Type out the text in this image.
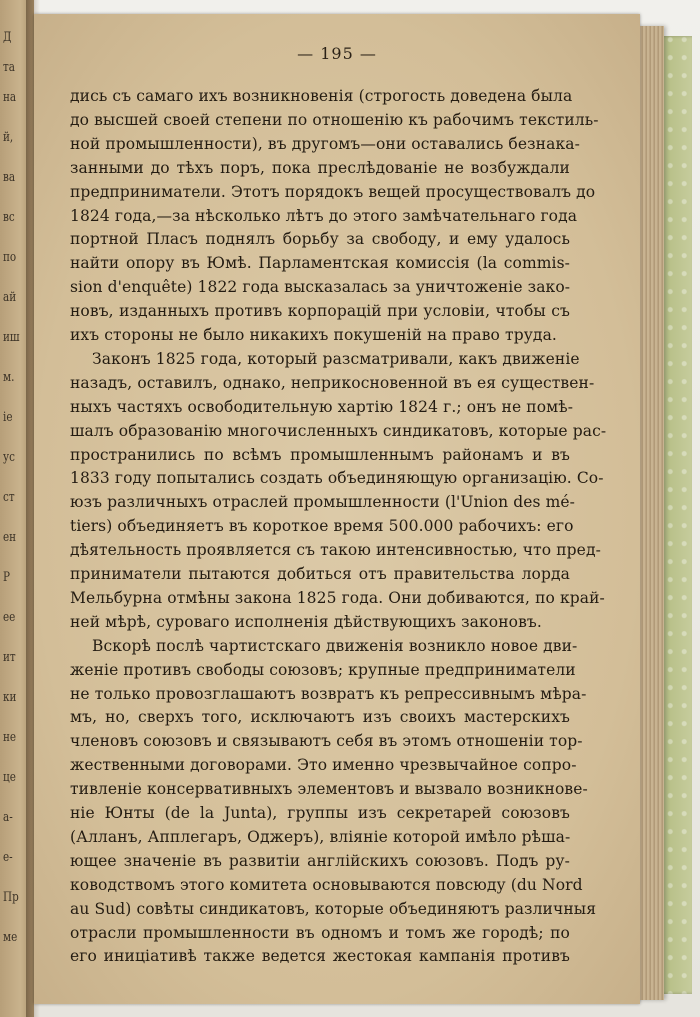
Д
та
на
й,
ва
вс
по
ай
иш
м.
ie
ус
ст
ен
Р
ee
ит
ки
не
це
а-
е-
Пр
ме
— 195 —

дись съ самаго ихъ возникновенія (строгость доведена была

до высшей своей степени по отношенію къ рабочимъ текстиль-

ной промышленности), въ другомъ—они оставались безнака-

занными до тѣхъ поръ, пока преслѣдованіе не возбуждали

предприниматели. Этотъ порядокъ вещей просуществовалъ до

1824 года,—за нѣсколько лѣтъ до этого замѣчательнаго года

портной Пласъ поднялъ борьбу за свободу, и ему удалось

найти опору въ Юмѣ. Парламентская комиссія (la commis-

sion d'enquête) 1822 года высказалась за уничтоженіе зако-

новъ, изданныхъ противъ корпорацій при условіи, чтобы съ

ихъ стороны не было никакихъ покушеній на право труда.

Законъ 1825 года, который разсматривали, какъ движеніе

назадъ, оставилъ, однако, неприкосновенной въ ея существен-

ныхъ частяхъ освободительную хартію 1824 г.; онъ не помѣ-

шалъ образованію многочисленныхъ синдикатовъ, которые рас-

пространились по всѣмъ промышленнымъ районамъ и въ

1833 году попытались создать объединяющую организацію. Со-

юзъ различныхъ отраслей промышленности (l'Union des mé-

tiers) объединяетъ въ короткое время 500.000 рабочихъ: его

дѣятельность проявляется съ такою интенсивностью, что пред-

приниматели пытаются добиться отъ правительства лорда

Мельбурна отмѣны закона 1825 года. Они добиваются, по край-

ней мѣрѣ, суроваго исполненія дѣйствующихъ законовъ.

Вскорѣ послѣ чартистскаго движенія возникло новое дви-

женіе противъ свободы союзовъ; крупные предприниматели

не только провозглашаютъ возвратъ къ репрессивнымъ мѣра-

мъ, но, сверхъ того, исключаютъ изъ своихъ мастерскихъ

членовъ союзовъ и связываютъ себя въ этомъ отношеніи тор-

жественными договорами. Это именно чрезвычайное сопро-

тивленіе консервативныхъ элементовъ и вызвало возникнове-

ніе Юнты (de la Junta), группы изъ секретарей союзовъ

(Алланъ, Апплегаръ, Оджеръ), вліяніе которой имѣло рѣша-

ющее значеніе въ развитіи англійскихъ союзовъ. Подъ ру-

ководствомъ этого комитета основываются повсюду (du Nord

au Sud) совѣты синдикатовъ, которые объединяютъ различныя

отрасли промышленности въ одномъ и томъ же городѣ; по

его иниціативѣ также ведется жестокая кампанія противъ
